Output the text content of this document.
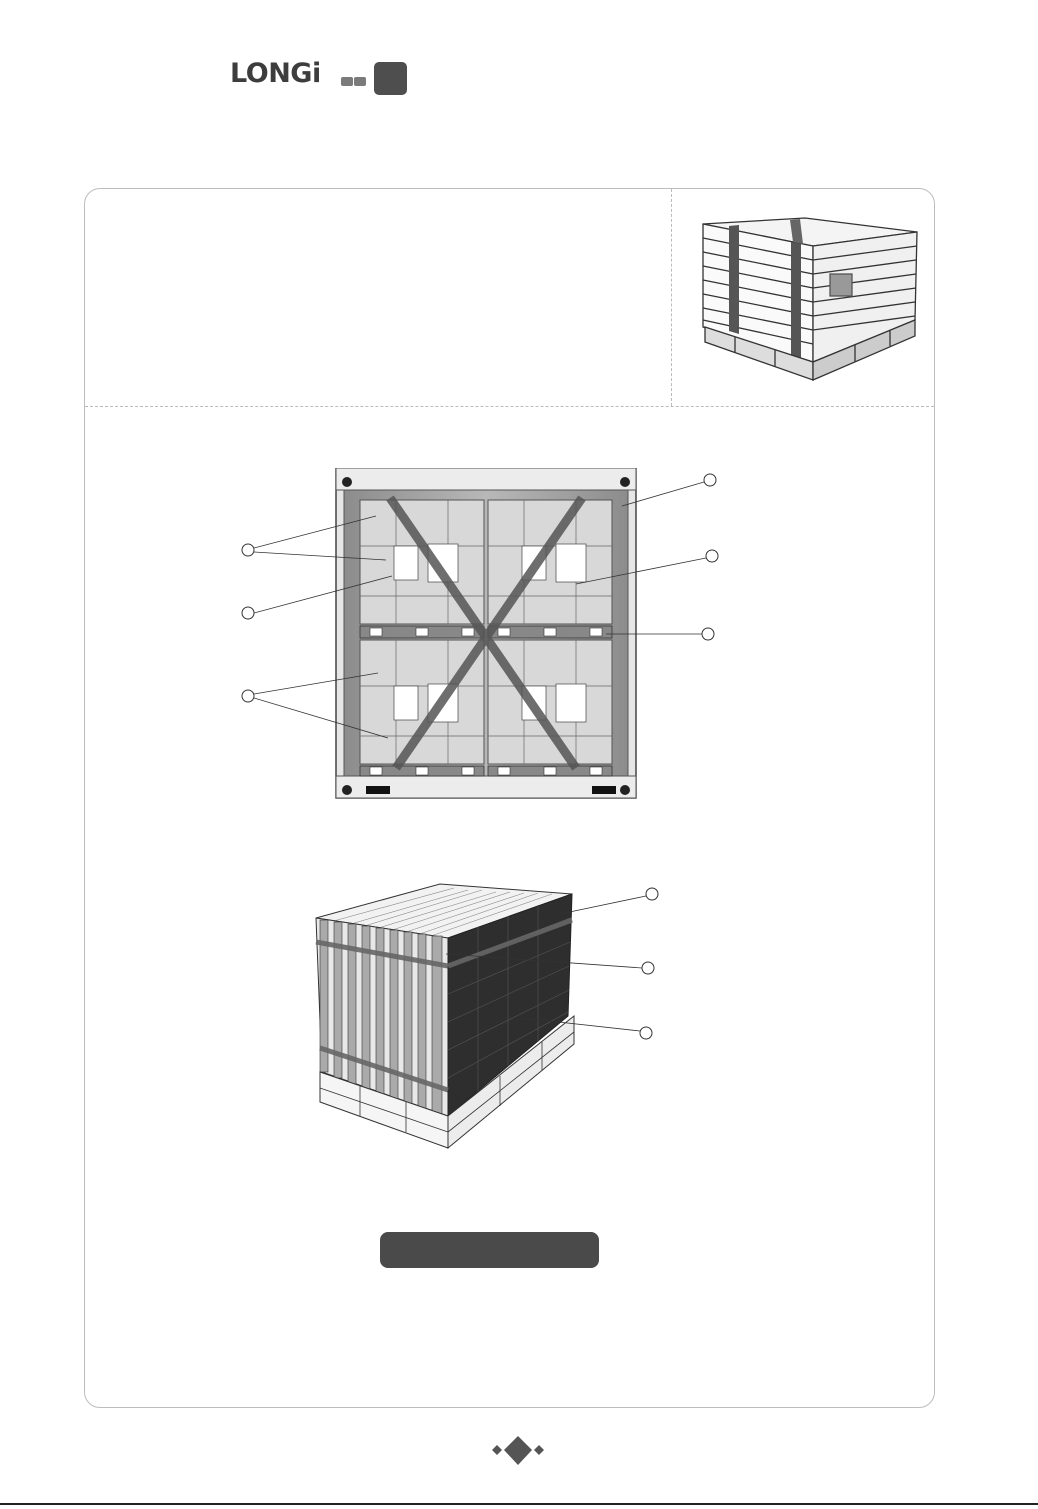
LONGi
